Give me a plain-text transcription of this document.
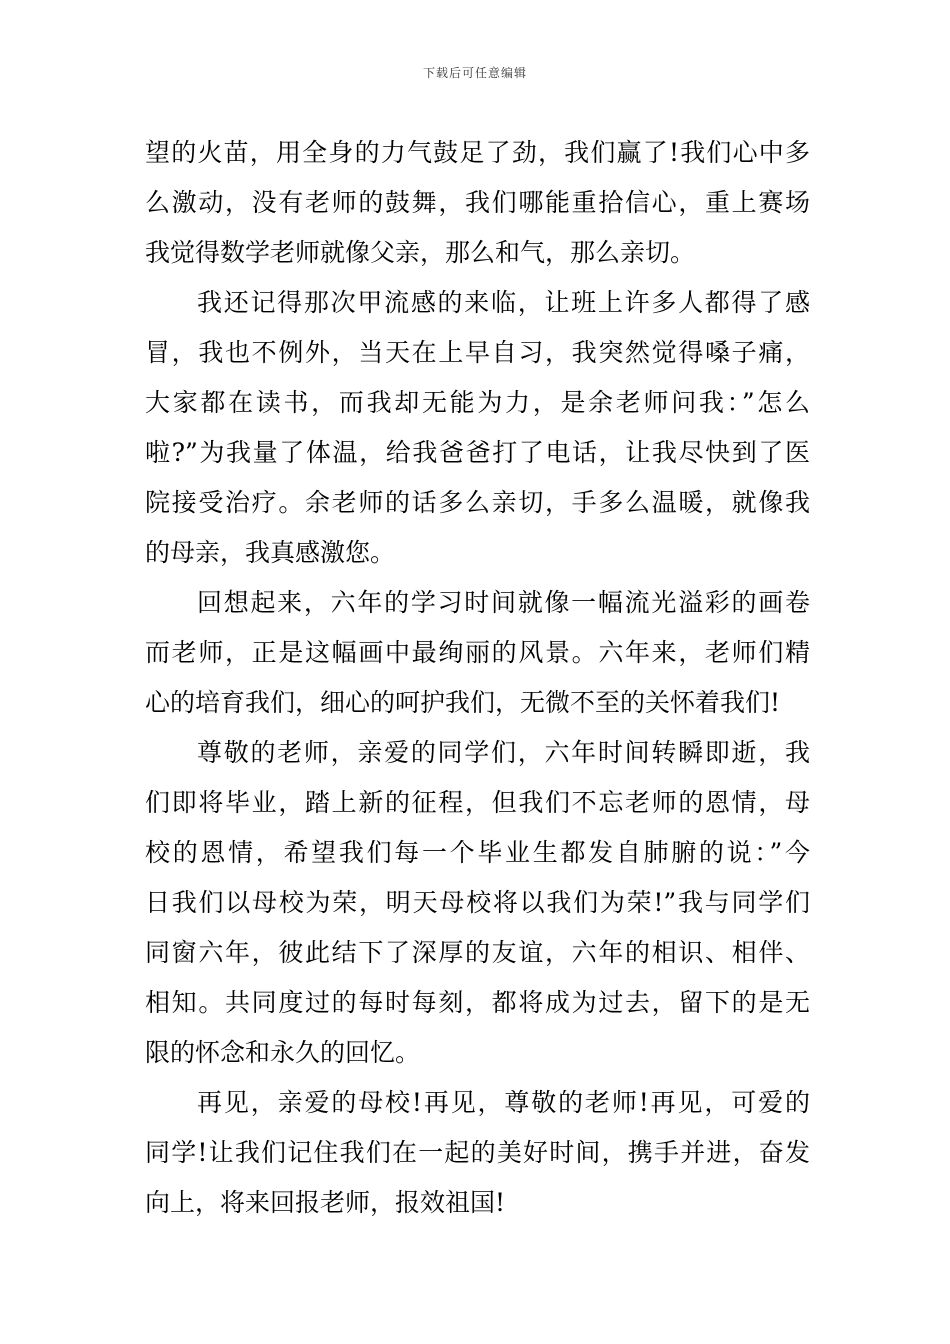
下载后可任意编辑
望的火苗，用全身的力气鼓足了劲，我们赢了!我们心中多
么激动，没有老师的鼓舞，我们哪能重拾信心，重上赛场
我觉得数学老师就像父亲，那么和气，那么亲切。
我还记得那次甲流感的来临，让班上许多人都得了感
冒，我也不例外，当天在上早自习，我突然觉得嗓子痛，
大家都在读书，而我却无能为力，是余老师问我：”怎么
啦?”为我量了体温，给我爸爸打了电话，让我尽快到了医
院接受治疗。余老师的话多么亲切，手多么温暖，就像我
的母亲，我真感激您。
回想起来，六年的学习时间就像一幅流光溢彩的画卷
而老师，正是这幅画中最绚丽的风景。六年来，老师们精
心的培育我们，细心的呵护我们，无微不至的关怀着我们!
尊敬的老师，亲爱的同学们，六年时间转瞬即逝，我
们即将毕业，踏上新的征程，但我们不忘老师的恩情，母
校的恩情，希望我们每一个毕业生都发自肺腑的说：”今
日我们以母校为荣，明天母校将以我们为荣!”我与同学们
同窗六年，彼此结下了深厚的友谊，六年的相识、相伴、
相知。共同度过的每时每刻，都将成为过去，留下的是无
限的怀念和永久的回忆。
再见，亲爱的母校!再见，尊敬的老师!再见，可爱的
同学!让我们记住我们在一起的美好时间，携手并进，奋发
向上，将来回报老师，报效祖国!
